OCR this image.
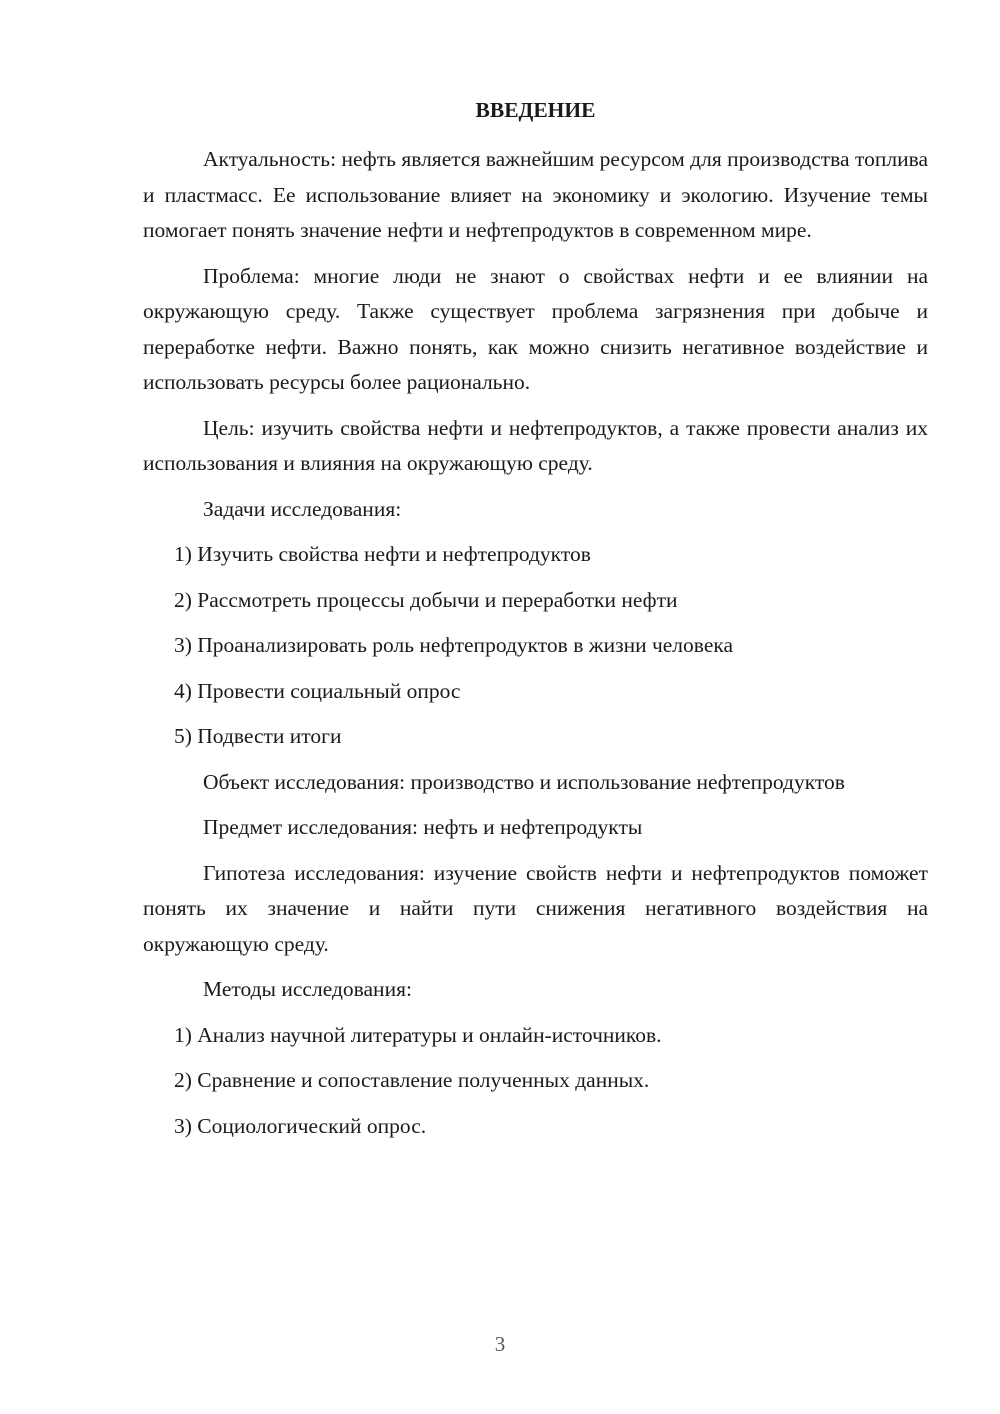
ВВЕДЕНИЕ

Актуальность: нефть является важнейшим ресурсом для производства топлива и пластмасс. Ее использование влияет на экономику и экологию. Изучение темы помогает понять значение нефти и нефтепродуктов в современном мире.

Проблема: многие люди не знают о свойствах нефти и ее влиянии на окружающую среду. Также существует проблема загрязнения при добыче и переработке нефти. Важно понять, как можно снизить негативное воздействие и использовать ресурсы более рационально.

Цель: изучить свойства нефти и нефтепродуктов, а также провести анализ их использования и влияния на окружающую среду.

Задачи исследования:

1) Изучить свойства нефти и нефтепродуктов

2) Рассмотреть процессы добычи и переработки нефти

3) Проанализировать роль нефтепродуктов в жизни человека

4) Провести социальный опрос

5) Подвести итоги

Объект исследования: производство и использование нефтепродуктов

Предмет исследования: нефть и нефтепродукты

Гипотеза исследования: изучение свойств нефти и нефтепродуктов поможет понять их значение и найти пути снижения негативного воздействия на окружающую среду.

Методы исследования:

1) Анализ научной литературы и онлайн-источников.

2) Сравнение и сопоставление полученных данных.

3) Социологический опрос.

3
